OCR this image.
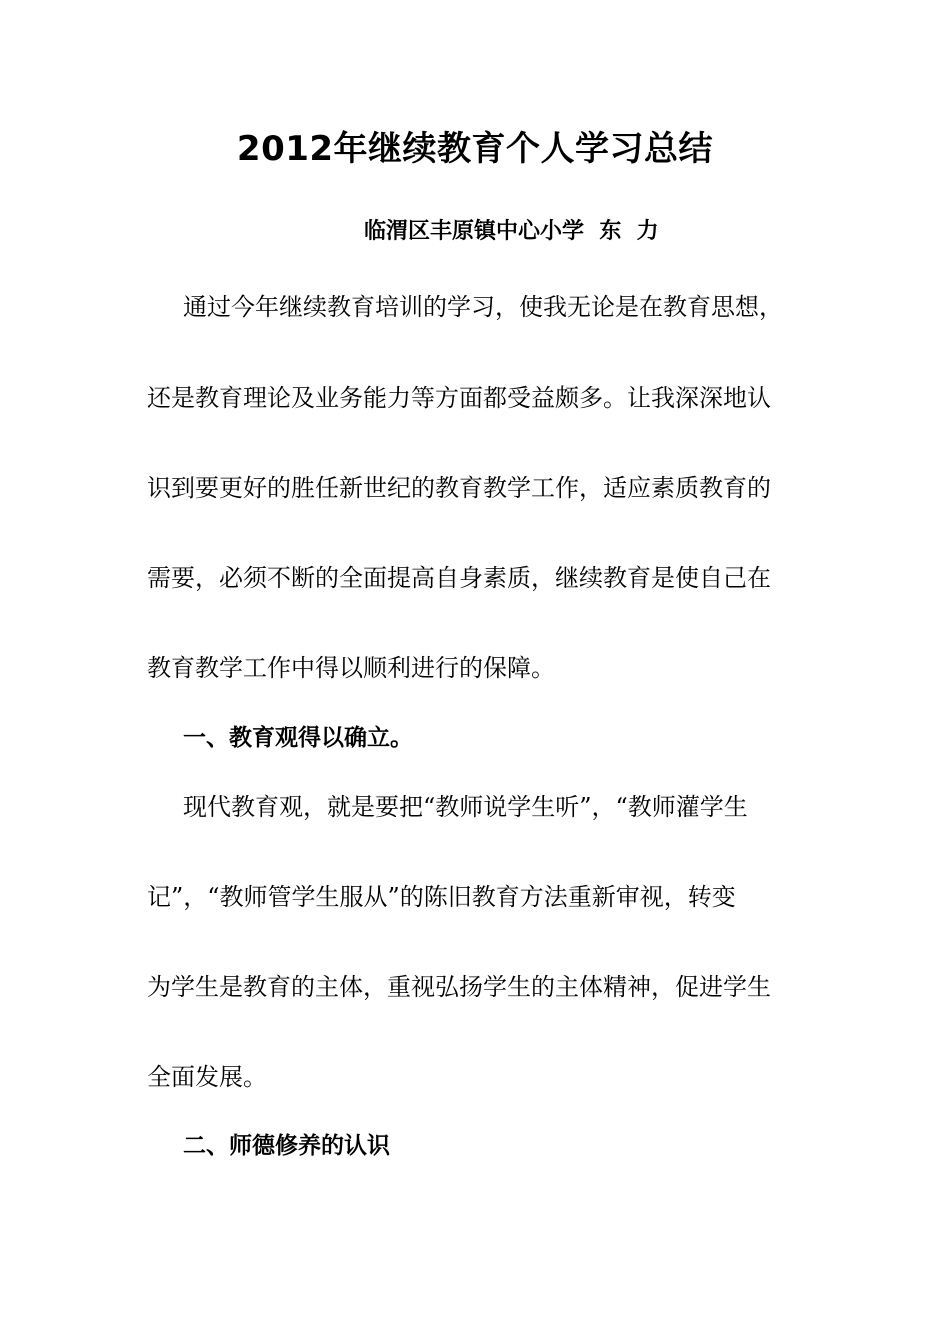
2012年继续教育个人学习总结
临渭区丰原镇中心小学  东  力
通过今年继续教育培训的学习，使我无论是在教育思想，
还是教育理论及业务能力等方面都受益颇多。让我深深地认
识到要更好的胜任新世纪的教育教学工作，适应素质教育的
需要，必须不断的全面提高自身素质，继续教育是使自己在
教育教学工作中得以顺利进行的保障。
一、教育观得以确立。
现代教育观，就是要把“教师说学生听”，“教师灌学生
记”，“教师管学生服从”的陈旧教育方法重新审视，转变
为学生是教育的主体，重视弘扬学生的主体精神，促进学生
全面发展。
二、师德修养的认识
